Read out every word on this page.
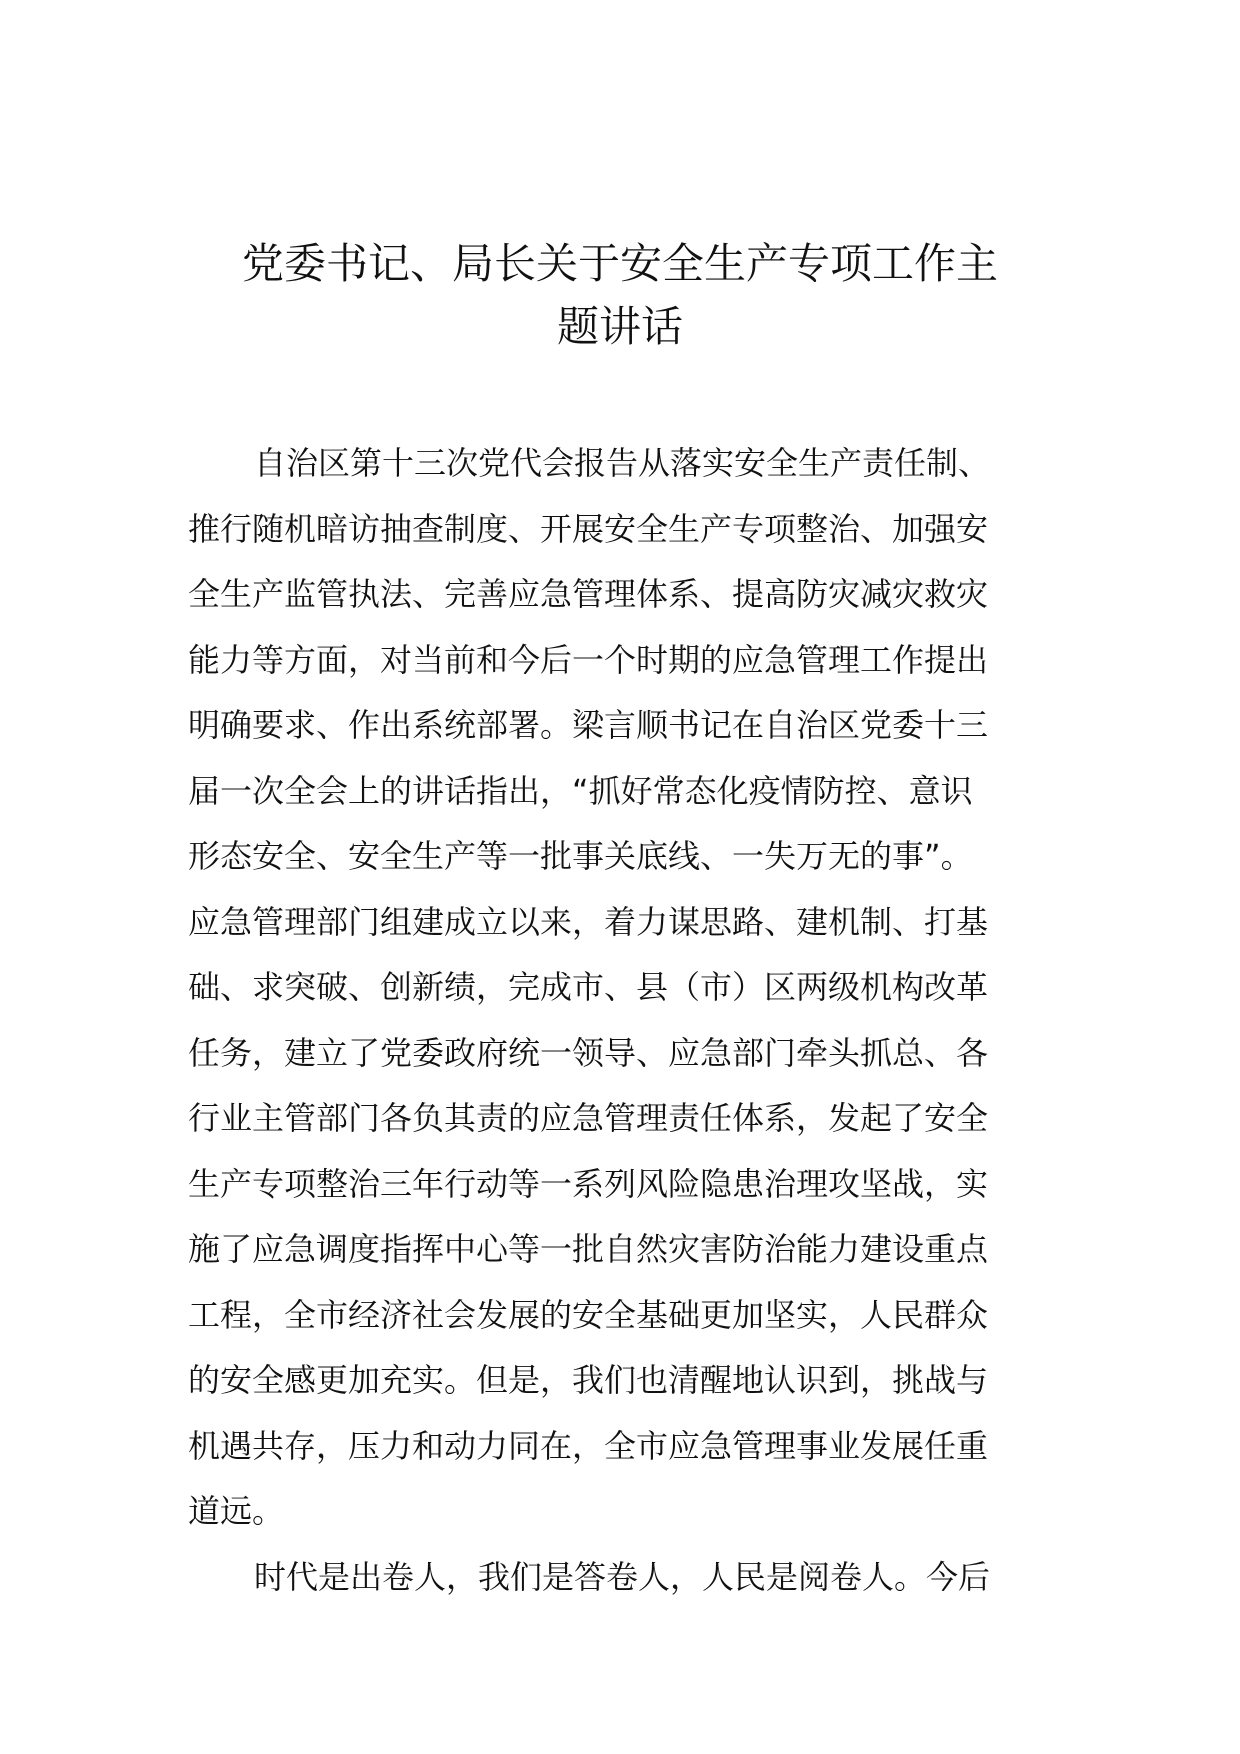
党委书记、局长关于安全生产专项工作主
题讲话
自治区第十三次党代会报告从落实安全生产责任制、
推行随机暗访抽查制度、开展安全生产专项整治、加强安
全生产监管执法、完善应急管理体系、提高防灾减灾救灾
能力等方面，对当前和今后一个时期的应急管理工作提出
明确要求、作出系统部署。梁言顺书记在自治区党委十三
届一次全会上的讲话指出，“抓好常态化疫情防控、意识
形态安全、安全生产等一批事关底线、一失万无的事”。
应急管理部门组建成立以来，着力谋思路、建机制、打基
础、求突破、创新绩，完成市、县（市）区两级机构改革
任务，建立了党委政府统一领导、应急部门牵头抓总、各
行业主管部门各负其责的应急管理责任体系，发起了安全
生产专项整治三年行动等一系列风险隐患治理攻坚战，实
施了应急调度指挥中心等一批自然灾害防治能力建设重点
工程，全市经济社会发展的安全基础更加坚实，人民群众
的安全感更加充实。但是，我们也清醒地认识到，挑战与
机遇共存，压力和动力同在，全市应急管理事业发展任重
道远。
时代是出卷人，我们是答卷人，人民是阅卷人。今后
